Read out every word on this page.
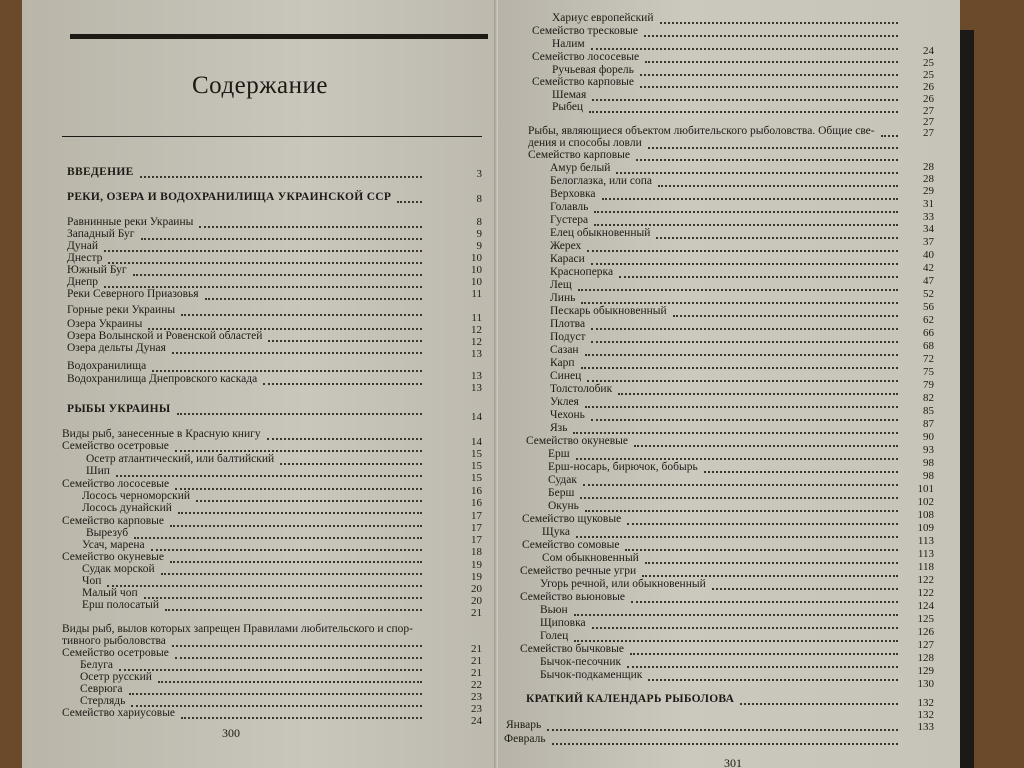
Содержание
ВВЕДЕНИЕ
РЕКИ, ОЗЕРА И ВОДОХРАНИЛИЩА УКРАИНСКОЙ ССР
Равнинные реки Украины
Западный Буг
Дунай
Днестр
Южный Буг
Днепр
Реки Северного Приазовья
Горные реки Украины
Озера Украины
Озера Волынской и Ровенской областей
Озера дельты Дуная
Водохранилища
Водохранилища Днепровского каскада
РЫБЫ УКРАИНЫ
Виды рыб, занесенные в Красную книгу
Семейство осетровые
Осетр атлантический, или балтийский
Шип
Семейство лососевые
Лосось черноморский
Лосось дунайский
Семейство карповые
Вырезуб
Усач, марена
Семейство окуневые
Судак морской
Чоп
Малый чоп
Ерш полосатый
Виды рыб, вылов которых запрещен Правилами любительского и спор-
тивного рыболовства
Семейство осетровые
Белуга
Осетр русский
Севрюга
Стерлядь
Семейство хариусовые
3
8
8
9
9
10
10
10
11
11
12
12
13
13
13
14
14
15
15
15
16
16
17
17
17
18
19
19
20
20
21
21
21
21
22
23
23
24
300
Хариус европейский
Семейство тресковые
Налим
Семейство лососевые
Ручьевая форель
Семейство карповые
Шемая
Рыбец
Рыбы, являющиеся объектом любительского рыболовства. Общие све-
дения и способы ловли
Семейство карповые
Амур белый
Белоглазка, или сопа
Верховка
Голавль
Густера
Елец обыкновенный
Жерех
Караси
Красноперка
Лещ
Линь
Пескарь обыкновенный
Плотва
Подуст
Сазан
Карп
Синец
Толстолобик
Уклея
Чехонь
Язь
Семейство окуневые
Ерш
Ерш-носарь, бирючок, бобырь
Судак
Берш
Окунь
Семейство щуковые
Щука
Семейство сомовые
Сом обыкновенный
Семейство речные угри
Угорь речной, или обыкновенный
Семейство вьюновые
Вьюн
Щиповка
Голец
Семейство бычковые
Бычок-песочник
Бычок-подкаменщик
КРАТКИЙ КАЛЕНДАРЬ РЫБОЛОВА
Январь
Февраль
24
25
25
26
26
27
27
27
28
28
29
31
33
34
37
40
42
47
52
56
62
66
68
72
75
79
82
85
87
90
93
98
98
101
102
108
109
113
113
118
122
122
124
125
126
127
128
129
130
132
132
133
301
